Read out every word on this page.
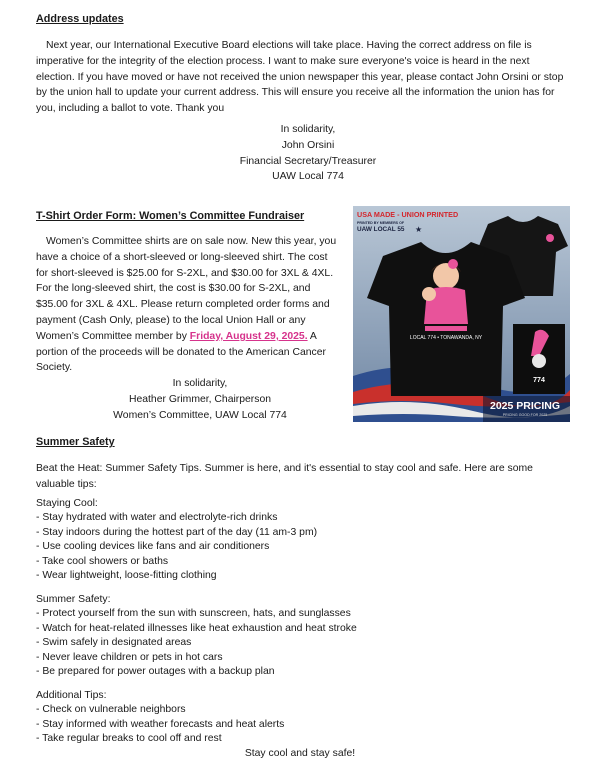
Address updates

Next year, our International Executive Board elections will take place. Having the correct address on file is imperative for the integrity of the election process. I want to make sure everyone's voice is heard in the next election. If you have moved or have not received the union newspaper this year, please contact John Orsini or stop by the union hall to update your current address. This will ensure you receive all the information the union has for you, including a ballot to vote. Thank you

In solidarity,
John Orsini
Financial Secretary/Treasurer
UAW Local 774
T-Shirt Order Form: Women’s Committee Fundraiser

Women’s Committee shirts are on sale now. New this year, you have a choice of a short-sleeved or long-sleeved shirt. The cost for short-sleeved is $25.00 for S-2XL, and $30.00 for 3XL & 4XL. For the long-sleeved shirt, the cost is $30.00 for S-2XL, and $35.00 for 3XL & 4XL. Please return completed order forms and payment (Cash Only, please) to the local Union Hall or any Women’s Committee member by Friday, August 29, 2025. A portion of the proceeds will be donated to the American Cancer Society.

In solidarity,
Heather Grimmer, Chairperson
Women’s Committee, UAW Local 774
LOCAL 774 • TONAWANDA, NY
USA MADE - UNION PRINTED
PRINTED BY MEMBERS OF
UAW LOCAL 55 ★
774
2025 PRICING
PRICING GOOD FOR 2025
Summer Safety

Beat the Heat: Summer Safety Tips. Summer is here, and it's essential to stay cool and safe. Here are some valuable tips:

Staying Cool:
- Stay hydrated with water and electrolyte-rich drinks
- Stay indoors during the hottest part of the day (11 am-3 pm)
- Use cooling devices like fans and air conditioners
- Take cool showers or baths
- Wear lightweight, loose-fitting clothing
Summer Safety:
- Protect yourself from the sun with sunscreen, hats, and sunglasses
- Watch for heat-related illnesses like heat exhaustion and heat stroke
- Swim safely in designated areas
- Never leave children or pets in hot cars
- Be prepared for power outages with a backup plan
Additional Tips:
- Check on vulnerable neighbors
- Stay informed with weather forecasts and heat alerts
- Take regular breaks to cool off and rest
Stay cool and stay safe!
